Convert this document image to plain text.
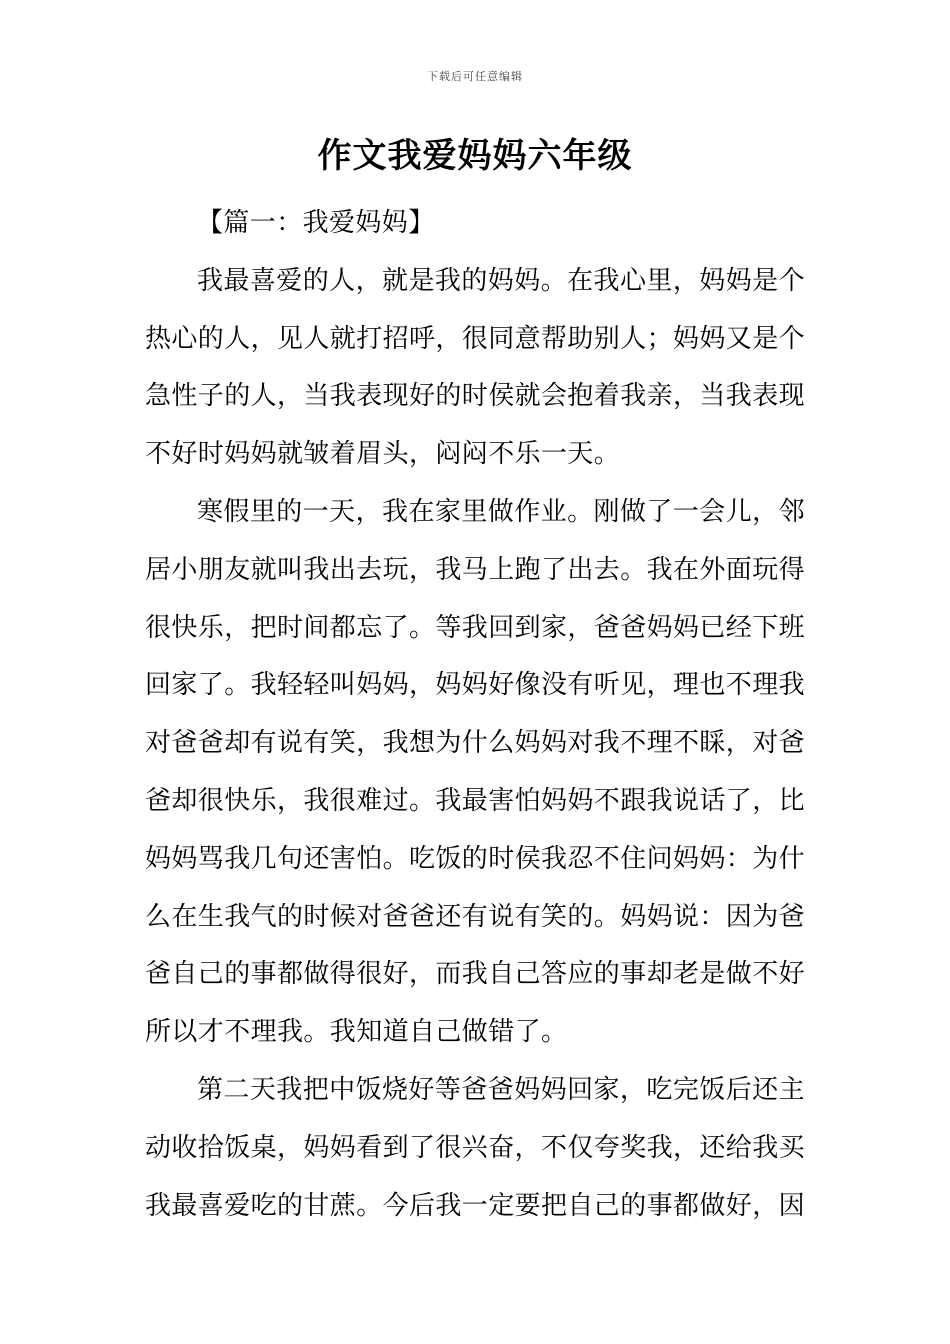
下载后可任意编辑
作文我爱妈妈六年级
【篇一：我爱妈妈】

我最喜爱的人，就是我的妈妈。在我心里，妈妈是个热心的人，见人就打招呼，很同意帮助别人；妈妈又是个急性子的人，当我表现好的时侯就会抱着我亲，当我表现不好时妈妈就皱着眉头，闷闷不乐一天。

寒假里的一天，我在家里做作业。刚做了一会儿，邻居小朋友就叫我出去玩，我马上跑了出去。我在外面玩得很快乐，把时间都忘了。等我回到家，爸爸妈妈已经下班回家了。我轻轻叫妈妈，妈妈好像没有听见，理也不理我对爸爸却有说有笑，我想为什么妈妈对我不理不睬，对爸爸却很快乐，我很难过。我最害怕妈妈不跟我说话了，比妈妈骂我几句还害怕。吃饭的时侯我忍不住问妈妈：为什么在生我气的时候对爸爸还有说有笑的。妈妈说：因为爸爸自己的事都做得很好，而我自己答应的事却老是做不好所以才不理我。我知道自己做错了。

第二天我把中饭烧好等爸爸妈妈回家，吃完饭后还主动收拾饭桌，妈妈看到了很兴奋，不仅夸奖我，还给我买我最喜爱吃的甘蔗。今后我一定要把自己的事都做好，因
